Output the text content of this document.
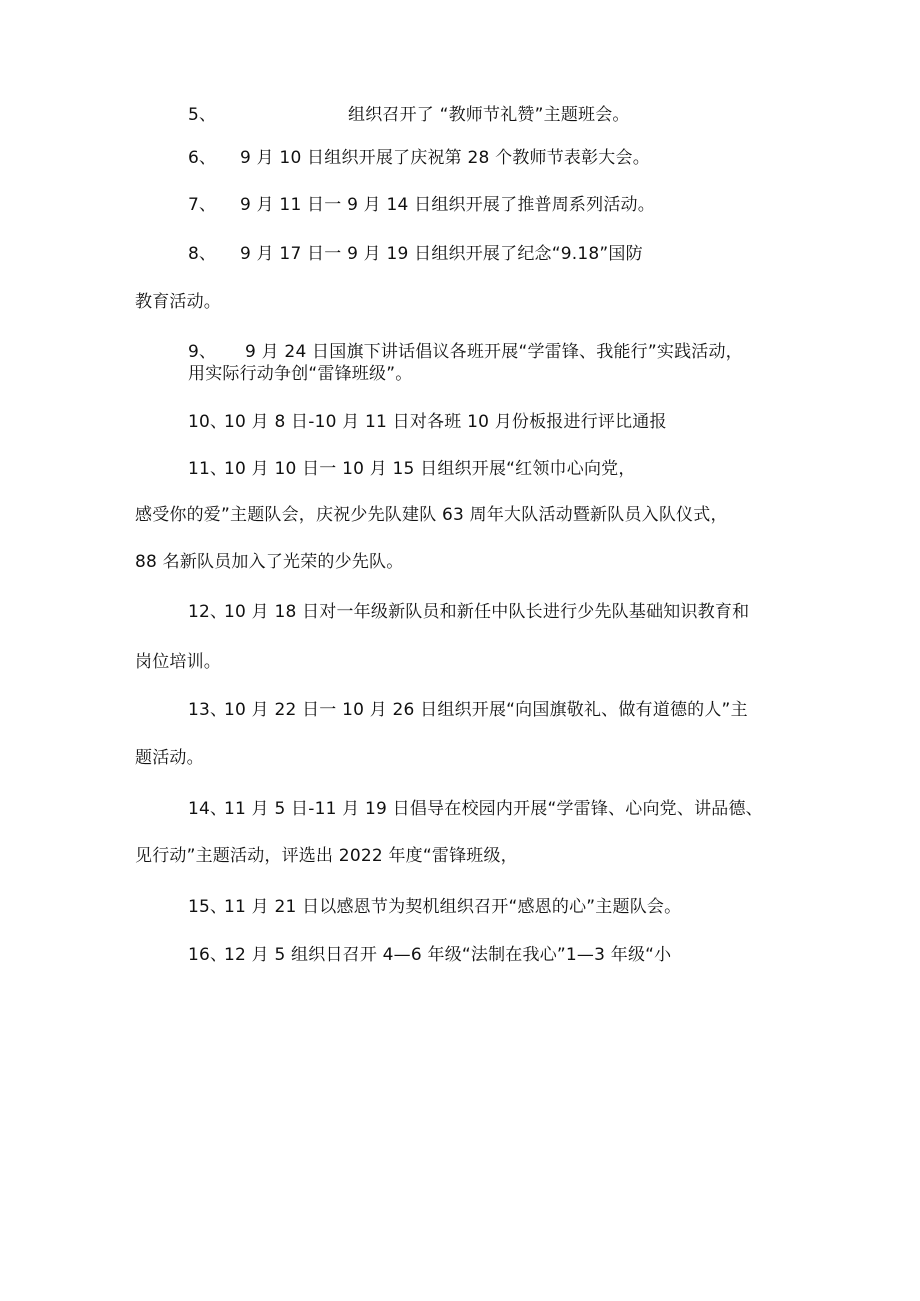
5、	组织召开了 “教师节礼赞”主题班会。
6、 9 月 10 日组织开展了庆祝第 28 个教师节表彰大会。
7、 9 月 11 日一 9 月 14 日组织开展了推普周系列活动。
8、 9 月 17 日一 9 月 19 日组织开展了纪念“9.18”国防
教育活动。
9、 9 月 24 日国旗下讲话倡议各班开展“学雷锋、我能行”实践活动，
用实际行动争创“雷锋班级”。
10、
10 月 8 日-10 月 11 日对各班 10 月份板报进行评比通报
11、
10 月 10 日一 10 月 15 日组织开展“红领巾心向党，
感受你的爱”主题队会，庆祝少先队建队 63 周年大队活动暨新队员入队仪式，
88 名新队员加入了光荣的少先队。
12、
10 月 18 日对一年级新队员和新任中队长进行少先队基础知识教育和
岗位培训。
13、
10 月 22 日一 10 月 26 日组织开展“向国旗敬礼、做有道德的人”主
题活动。
14、
11 月 5 日-11 月 19 日倡导在校园内开展“学雷锋、心向党、讲品德、
见行动”主题活动，评选出 2022 年度“雷锋班级，
15、
11 月 21 日以感恩节为契机组织召开“感恩的心”主题队会。
16、
12 月 5 组织日召开 4—6 年级“法制在我心”1—3 年级“小
